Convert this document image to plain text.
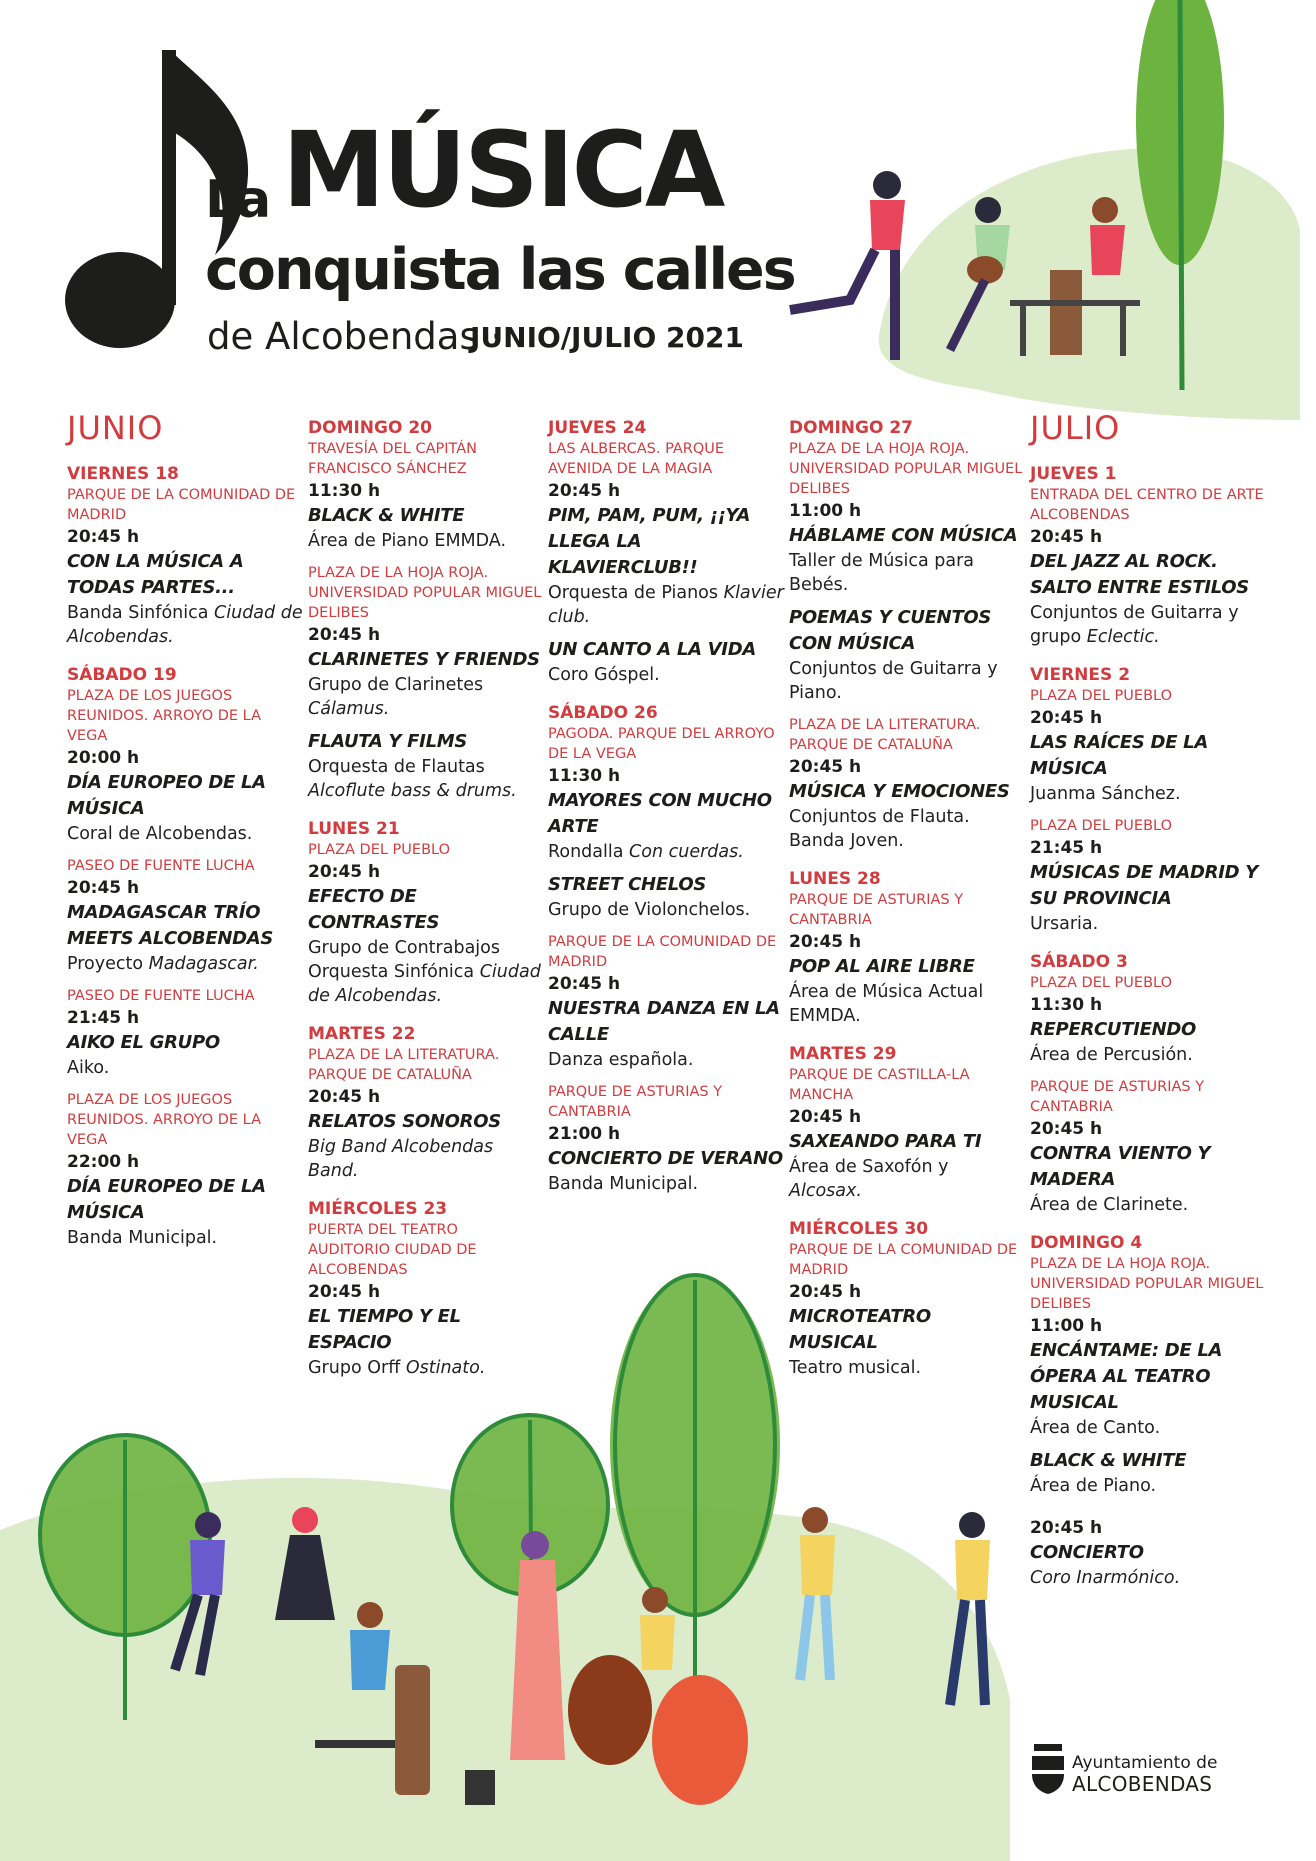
#dandoLANOTA La MÚSICA
conquista las calles
de Alcobendas ·
JUNIO/JULIO 2021
JUNIO
VIERNES 18
PARQUE DE LA COMUNIDAD DE MADRID
20:45 h
CON LA MÚSICA A TODAS PARTES...
Banda Sinfónica Ciudad de Alcobendas.
SÁBADO 19
PLAZA DE LOS JUEGOS REUNIDOS. ARROYO DE LA VEGA
20:00 h
DÍA EUROPEO DE LA MÚSICA
Coral de Alcobendas.
PASEO DE FUENTE LUCHA
20:45 h
MADAGASCAR TRÍO MEETS ALCOBENDAS
Proyecto Madagascar.
PASEO DE FUENTE LUCHA
21:45 h
AIKO EL GRUPO
Aiko.
PLAZA DE LOS JUEGOS REUNIDOS. ARROYO DE LA VEGA
22:00 h
DÍA EUROPEO DE LA MÚSICA
Banda Municipal.
DOMINGO 20
TRAVESÍA DEL CAPITÁN FRANCISCO SÁNCHEZ
11:30 h
BLACK & WHITE
Área de Piano EMMDA.
PLAZA DE LA HOJA ROJA. UNIVERSIDAD POPULAR MIGUEL DELIBES
20:45 h
CLARINETES Y FRIENDS
Grupo de Clarinetes Cálamus.
FLAUTA Y FILMS
Orquesta de Flautas Alcoflute bass & drums.
LUNES 21
PLAZA DEL PUEBLO
20:45 h
EFECTO DE CONTRASTES
Grupo de Contrabajos Orquesta Sinfónica Ciudad de Alcobendas.
MARTES 22
PLAZA DE LA LITERATURA. PARQUE DE CATALUÑA
20:45 h
RELATOS SONOROS
Big Band Alcobendas Band.
MIÉRCOLES 23
PUERTA DEL TEATRO AUDITORIO CIUDAD DE ALCOBENDAS
20:45 h
EL TIEMPO Y EL ESPACIO
Grupo Orff Ostinato.
JUEVES 24
LAS ALBERCAS. PARQUE AVENIDA DE LA MAGIA
20:45 h
PIM, PAM, PUM, ¡¡YA LLEGA LA KLAVIERCLUB!!
Orquesta de Pianos Klavier club.
UN CANTO A LA VIDA
Coro Góspel.
SÁBADO 26
PAGODA. PARQUE DEL ARROYO DE LA VEGA
11:30 h
MAYORES CON MUCHO ARTE
Rondalla Con cuerdas.
STREET CHELOS
Grupo de Violonchelos.
PARQUE DE LA COMUNIDAD DE MADRID
20:45 h
NUESTRA DANZA EN LA CALLE
Danza española.
PARQUE DE ASTURIAS Y CANTABRIA
21:00 h
CONCIERTO DE VERANO
Banda Municipal.
DOMINGO 27
PLAZA DE LA HOJA ROJA. UNIVERSIDAD POPULAR MIGUEL DELIBES
11:00 h
HÁBLAME CON MÚSICA
Taller de Música para Bebés.
POEMAS Y CUENTOS CON MÚSICA
Conjuntos de Guitarra y Piano.
PLAZA DE LA LITERATURA. PARQUE DE CATALUÑA
20:45 h
MÚSICA Y EMOCIONES
Conjuntos de Flauta. Banda Joven.
LUNES 28
PARQUE DE ASTURIAS Y CANTABRIA
20:45 h
POP AL AIRE LIBRE
Área de Música Actual EMMDA.
MARTES 29
PARQUE DE CASTILLA-LA MANCHA
20:45 h
SAXEANDO PARA TI
Área de Saxofón y Alcosax.
MIÉRCOLES 30
PARQUE DE LA COMUNIDAD DE MADRID
20:45 h
MICROTEATRO MUSICAL
Teatro musical.
JULIO
JUEVES 1
ENTRADA DEL CENTRO DE ARTE ALCOBENDAS
20:45 h
DEL JAZZ AL ROCK. SALTO ENTRE ESTILOS
Conjuntos de Guitarra y grupo Eclectic.
VIERNES 2
PLAZA DEL PUEBLO
20:45 h
LAS RAÍCES DE LA MÚSICA
Juanma Sánchez.
PLAZA DEL PUEBLO
21:45 h
MÚSICAS DE MADRID Y SU PROVINCIA
Ursaria.
SÁBADO 3
PLAZA DEL PUEBLO
11:30 h
REPERCUTIENDO
Área de Percusión.
PARQUE DE ASTURIAS Y CANTABRIA
20:45 h
CONTRA VIENTO Y MADERA
Área de Clarinete.
DOMINGO 4
PLAZA DE LA HOJA ROJA. UNIVERSIDAD POPULAR MIGUEL DELIBES
11:00 h
ENCÁNTAME: DE LA ÓPERA AL TEATRO MUSICAL
Área de Canto.
BLACK & WHITE
Área de Piano.
20:45 h
CONCIERTO
Coro Inarmónico.
Ayuntamiento de
ALCOBENDAS
